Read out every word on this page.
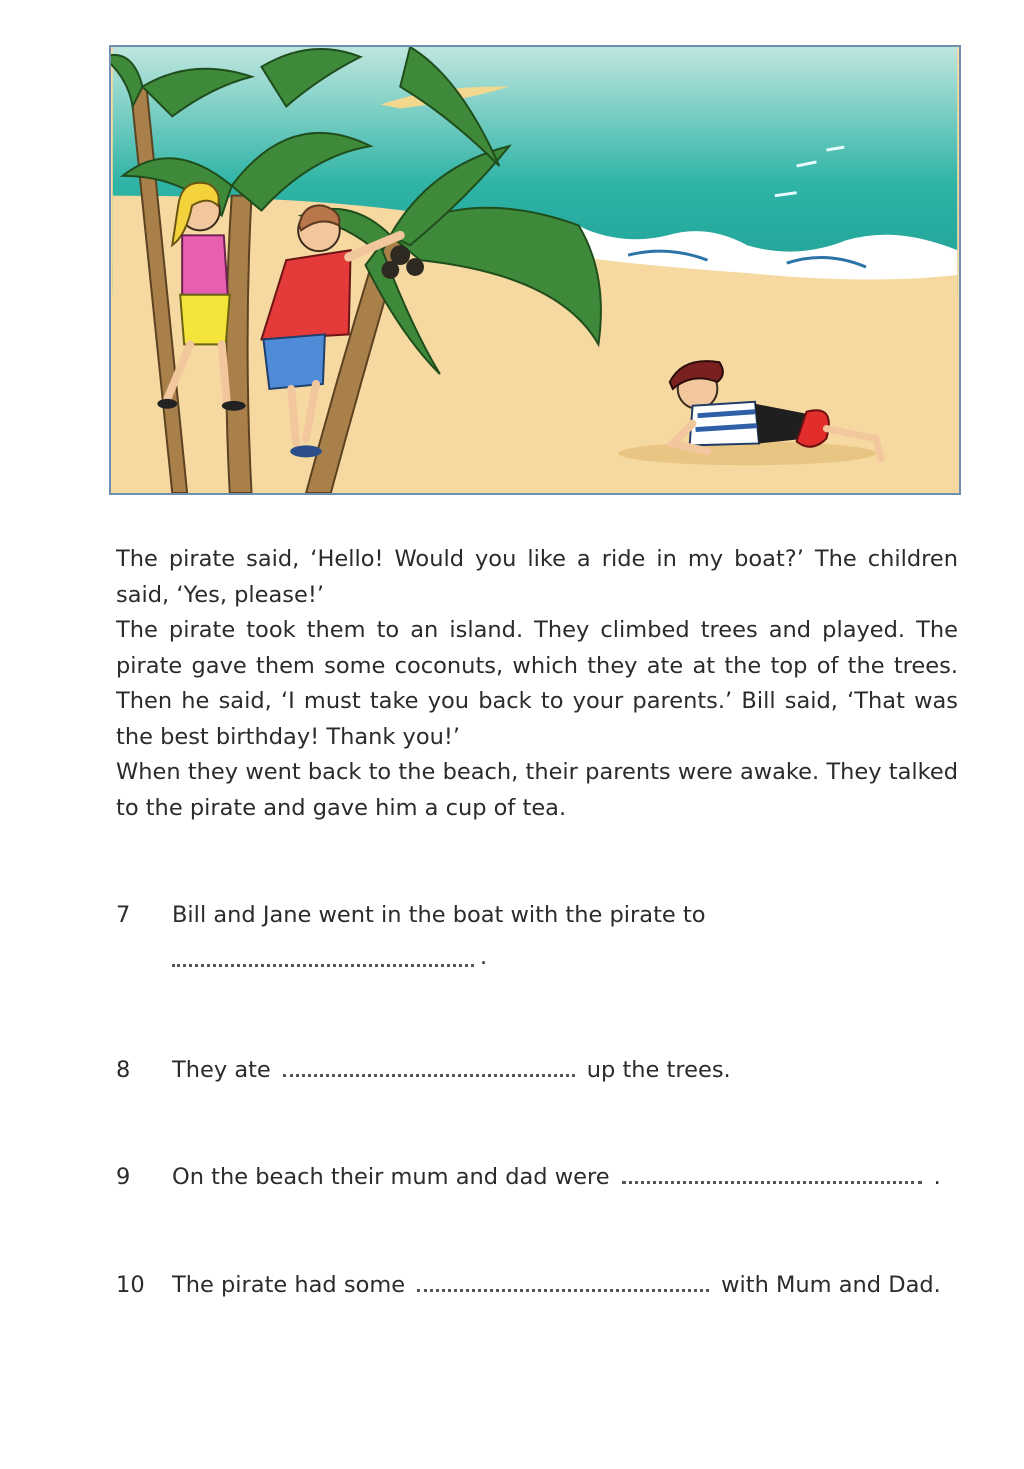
The pirate said, ‘Hello! Would you like a ride in my boat?’ The children said, ‘Yes, please!’

The pirate took them to an island. They climbed trees and played. The pirate gave them some coconuts, which they ate at the top of the trees. Then he said, ‘I must take you back to your parents.’ Bill said, ‘That was the best birthday! Thank you!’

When they went back to the beach, their parents were awake. They talked to the pirate and gave him a cup of tea.

7 Bill and Jane went in the boat with the pirate to
.
8 They ate	up the trees.
9 On the beach their mum and dad were	.
10 The pirate had some	with Mum and Dad.
